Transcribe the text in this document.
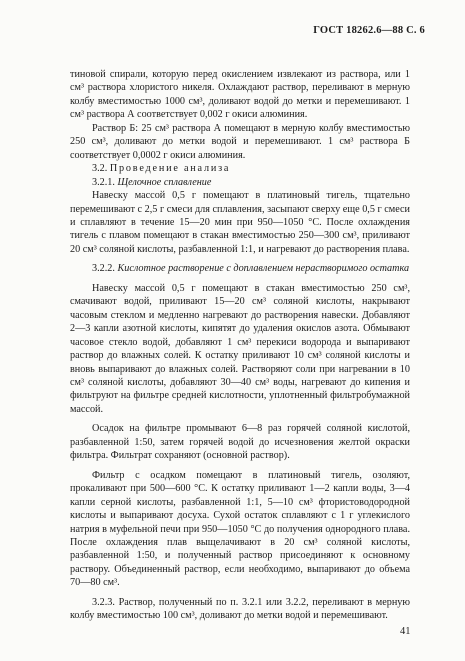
ГОСТ 18262.6—88 С. 6

тиновой спирали, которую перед окислением извлекают из раствора, или 1 см³ раствора хлористого никеля. Охлаждают раствор, переливают в мерную колбу вместимостью 1000 см³, доливают водой до метки и перемешивают. 1 см³ раствора А соответствует 0,002 г окиси алюминия.

Раствор Б: 25 см³ раствора А помещают в мерную колбу вместимостью 250 см³, доливают до метки водой и перемешивают. 1 см³ раствора Б соответствует 0,0002 г окиси алюминия.

3.2. Проведение анализа

3.2.1. Щелочное сплавление

Навеску массой 0,5 г помещают в платиновый тигель, тщательно перемешивают с 2,5 г смеси для сплавления, засыпают сверху еще 0,5 г смеси и сплавляют в течение 15—20 мин при 950—1050 °С. После охлаждения тигель с плавом помещают в стакан вместимостью 250—300 см³, приливают 20 см³ соляной кислоты, разбавленной 1:1, и нагревают до растворения плава.

3.2.2. Кислотное растворение с доплавлением нерастворимого остатка

Навеску массой 0,5 г помещают в стакан вместимостью 250 см³, смачивают водой, приливают 15—20 см³ соляной кислоты, накрывают часовым стеклом и медленно нагревают до растворения навески. Добавляют 2—3 капли азотной кислоты, кипятят до удаления окислов азота. Обмывают часовое стекло водой, добавляют 1 см³ перекиси водорода и выпаривают раствор до влажных солей. К остатку приливают 10 см³ соляной кислоты и вновь выпаривают до влажных солей. Растворяют соли при нагревании в 10 см³ соляной кислоты, добавляют 30—40 см³ воды, нагревают до кипения и фильтруют на фильтре средней кислотности, уплотненный фильтробумажной массой.

Осадок на фильтре промывают 6—8 раз горячей соляной кислотой, разбавленной 1:50, затем горячей водой до исчезновения желтой окраски фильтра. Фильтрат сохраняют (основной раствор).

Фильтр с осадком помещают в платиновый тигель, озоляют, прокаливают при 500—600 °С. К остатку приливают 1—2 капли воды, 3—4 капли серной кислоты, разбавленной 1:1, 5—10 см³ фтористоводородной кислоты и выпаривают досуха. Сухой остаток сплавляют с 1 г углекислого натрия в муфельной печи при 950—1050 °С до получения однородного плава. После охлаждения плав выщелачивают в 20 см³ соляной кислоты, разбавленной 1:50, и полученный раствор присоединяют к основному раствору. Объединенный раствор, если необходимо, выпаривают до объема 70—80 см³.

3.2.3. Раствор, полученный по п. 3.2.1 или 3.2.2, переливают в мерную колбу вместимостью 100 см³, доливают до метки водой и перемешивают.

41
